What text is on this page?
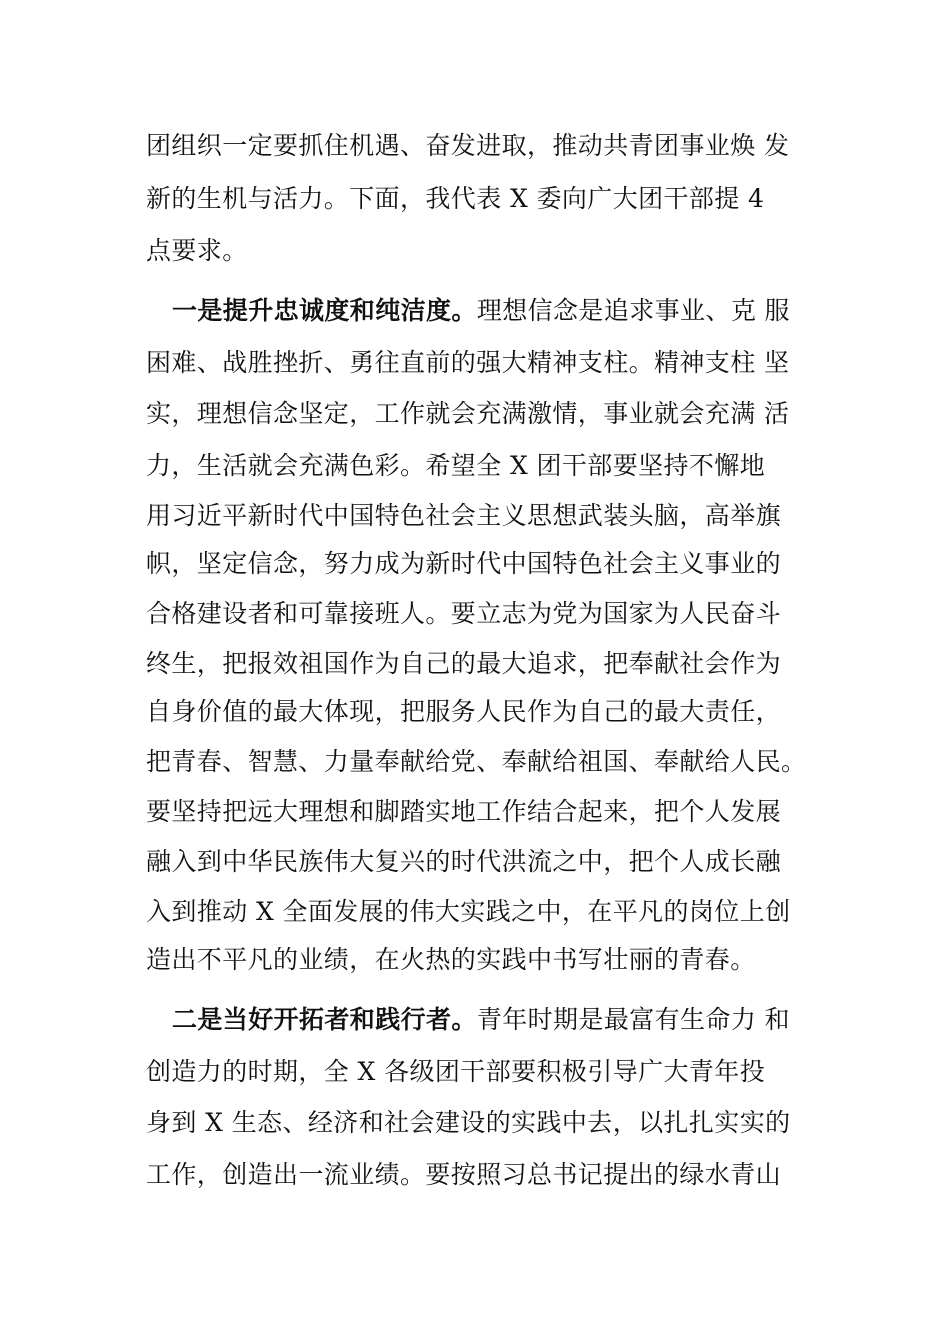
团组织一定要抓住机遇、奋发进取，推动共青团事业焕 发
新的生机与活力。下面，我代表 X 委向广大团干部提 4
点要求。
一是提升忠诚度和纯洁度。理想信念是追求事业、克 服
困难、战胜挫折、勇往直前的强大精神支柱。精神支柱 坚
实，理想信念坚定，工作就会充满激情，事业就会充满 活
力，生活就会充满色彩。希望全 X 团干部要坚持不懈地
用习近平新时代中国特色社会主义思想武装头脑，高举旗
帜，坚定信念，努力成为新时代中国特色社会主义事业的
合格建设者和可靠接班人。要立志为党为国家为人民奋斗
终生，把报效祖国作为自己的最大追求，把奉献社会作为
自身价值的最大体现，把服务人民作为自己的最大责任，
把青春、智慧、力量奉献给党、奉献给祖国、奉献给人民。
要坚持把远大理想和脚踏实地工作结合起来，把个人发展
融入到中华民族伟大复兴的时代洪流之中，把个人成长融
入到推动 X 全面发展的伟大实践之中，在平凡的岗位上创
造出不平凡的业绩，在火热的实践中书写壮丽的青春。
二是当好开拓者和践行者。青年时期是最富有生命力 和
创造力的时期，全 X 各级团干部要积极引导广大青年投
身到 X 生态、经济和社会建设的实践中去，以扎扎实实的
工作，创造出一流业绩。要按照习总书记提出的绿水青山
